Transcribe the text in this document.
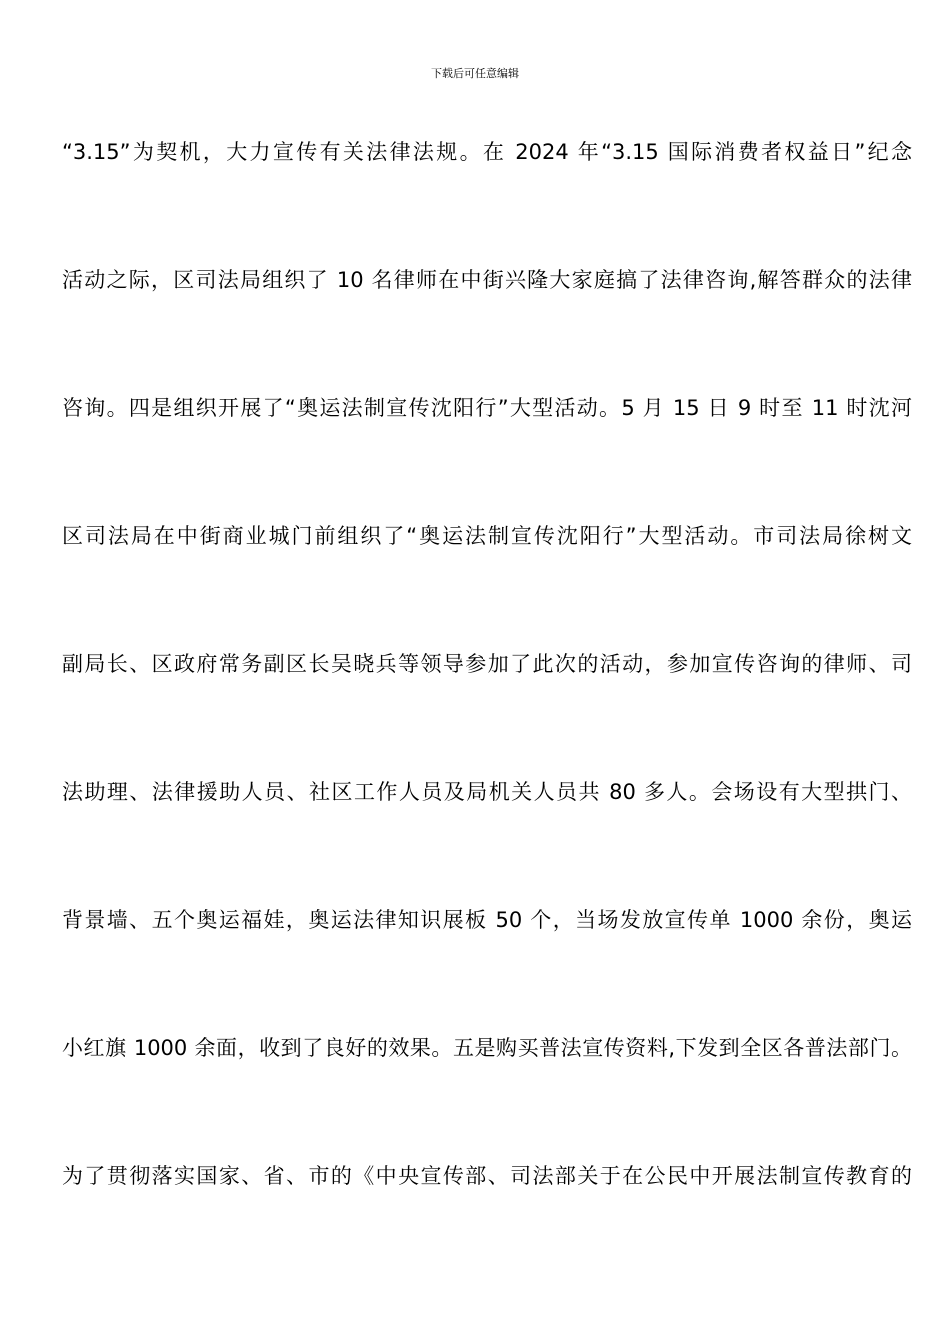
下载后可任意编辑
“3.15”为契机，大力宣传有关法律法规。在 2024 年“3.15 国际消费者权益日”纪念
活动之际，区司法局组织了 10 名律师在中街兴隆大家庭搞了法律咨询,解答群众的法律
咨询。四是组织开展了“奥运法制宣传沈阳行”大型活动。5 月 15 日 9 时至 11 时沈河
区司法局在中街商业城门前组织了“奥运法制宣传沈阳行”大型活动。市司法局徐树文
副局长、区政府常务副区长吴晓兵等领导参加了此次的活动，参加宣传咨询的律师、司
法助理、法律援助人员、社区工作人员及局机关人员共 80 多人。会场设有大型拱门、
背景墙、五个奥运福娃，奥运法律知识展板 50 个，当场发放宣传单 1000 余份，奥运
小红旗 1000 余面，收到了良好的效果。五是购买普法宣传资料,下发到全区各普法部门。
为了贯彻落实国家、省、市的《中央宣传部、司法部关于在公民中开展法制宣传教育的
